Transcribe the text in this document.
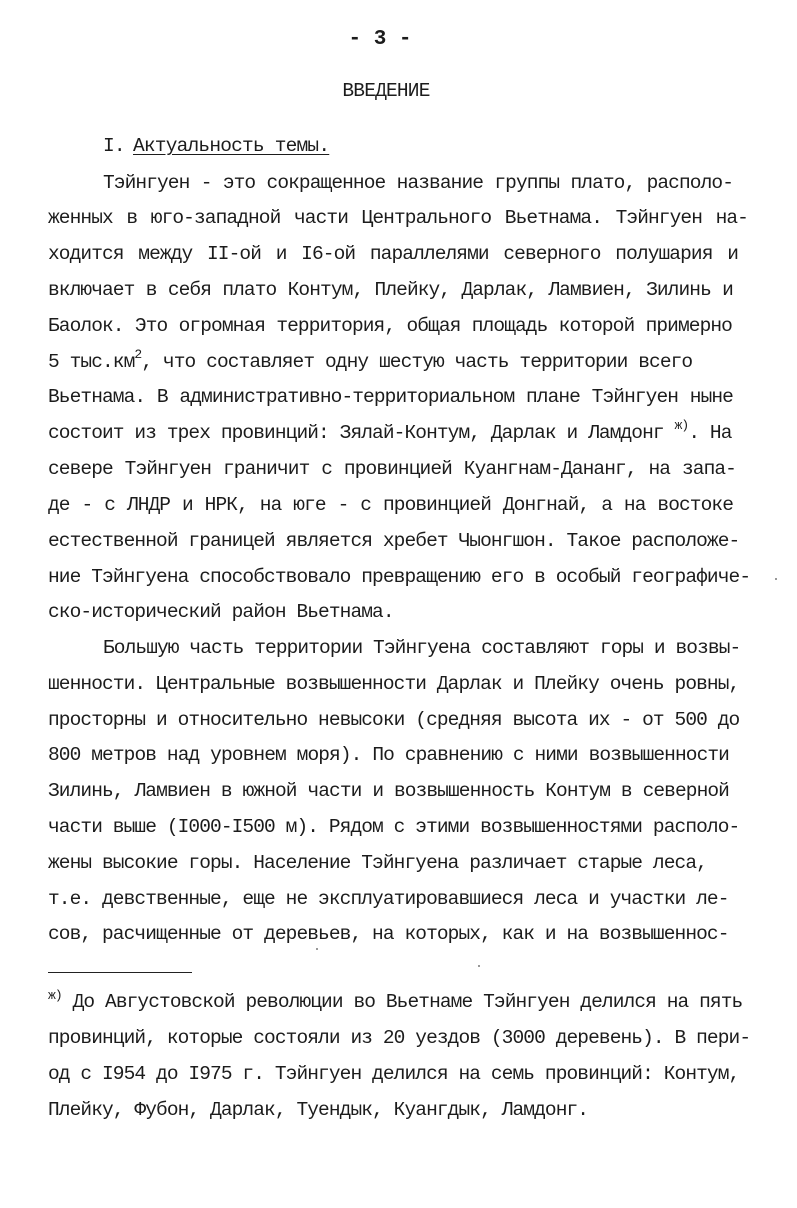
- 3 -
ВВЕДЕНИЕ
I. Актуальность темы.
Тэйнгуен - это сокращенное название группы плато, располо-
женных в юго-западной части Центрального Вьетнама. Тэйнгуен на-
ходится между II-ой и I6-ой параллелями северного полушария и
включает в себя плато Контум, Плейку, Дарлак, Ламвиен, Зилинь и
Баолок. Это огромная территория, общая площадь которой примерно
5 $тыс.км^2$, что составляет одну шестую часть территории всего
Вьетнама. В административно-территориальном плане Тэйнгуен ныне
состоит из трех провинций: Зялай-Контум, Дарлак и Ламдонг $^{ж)}$. На
севере Тэйнгуен граничит с провинцией Куангнам-Дананг, на запа-
де - с ЛНДР и НРК, на юге - с провинцией Донгнай, а на востоке
естественной границей является хребет Чыонгшон. Такое расположе-
ние Тэйнгуена способствовало превращению его в особый географиче-
ско-исторический район Вьетнама.
Большую часть территории Тэйнгуена составляют горы и возвы-
шенности. Центральные возвышенности Дарлак и Плейку очень ровны,
просторны и относительно невысоки (средняя высота их - от 500 до
800 метров над уровнем моря). По сравнению с ними возвышенности
Зилинь, Ламвиен в южной части и возвышенность Контум в северной
части выше (I000-I500 м). Рядом с этими возвышенностями располо-
жены высокие горы. Население Тэйнгуена различает старые леса,
т.е. девственные, еще не эксплуатировавшиеся леса и участки ле-
сов, расчищенные от деревьев, на которых, как и на возвышеннос-
$^{ж)}$ До Августовской революции во Вьетнаме Тэйнгуен делился на пять
провинций, которые состояли из 20 уездов (3000 деревень). В пери-
од с I954 до I975 г. Тэйнгуен делился на семь провинций: Контум,
Плейку, Фубон, Дарлак, Туендык, Куангдык, Ламдонг.
